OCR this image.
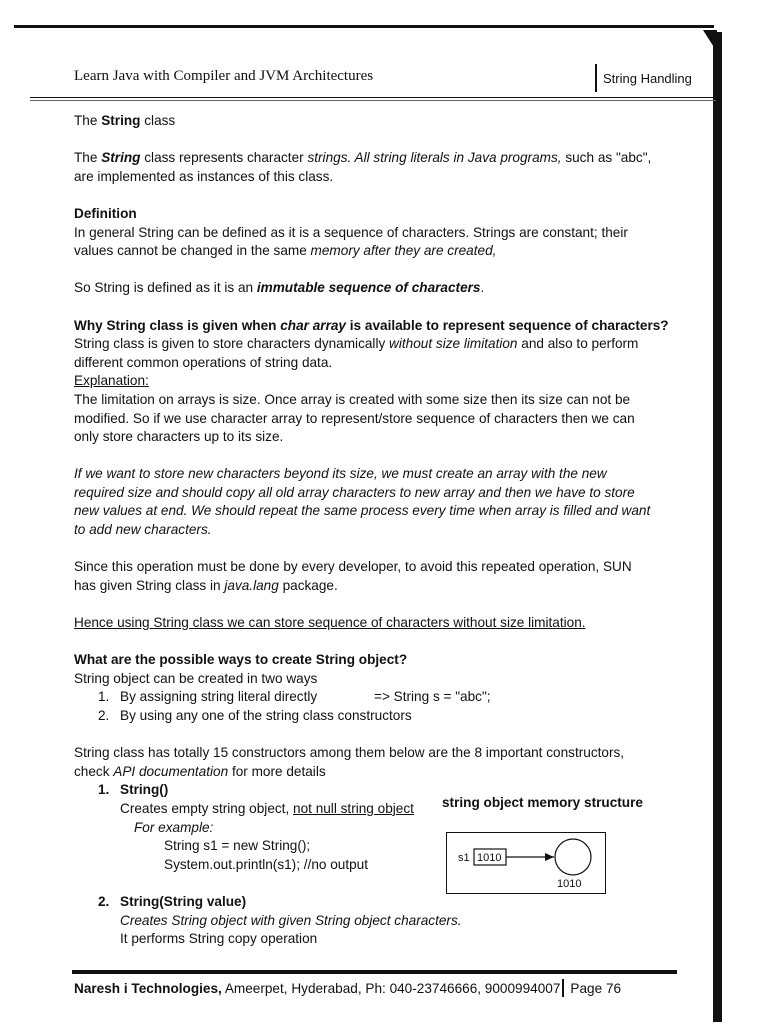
Learn Java with Compiler and JVM Architectures	String Handling

The String class

The String class represents character strings. All string literals in Java programs, such as "abc",
are implemented as instances of this class.

Definition

In general String can be defined as it is a sequence of characters. Strings are constant; their
values cannot be changed in the same memory after they are created,

So String is defined as it is an immutable sequence of characters.

Why String class is given when char array is available to represent sequence of characters?

String class is given to store characters dynamically without size limitation and also to perform
different common operations of string data.

Explanation:

The limitation on arrays is size. Once array is created with some size then its size can not be
modified. So if we use character array to represent/store sequence of characters then we can
only store characters up to its size.

If we want to store new characters beyond its size, we must create an array with the new
required size and should copy all old array characters to new array and then we have to store
new values at end. We should repeat the same process every time when array is filled and want
to add new characters.

Since this operation must be done by every developer, to avoid this repeated operation, SUN
has given String class in java.lang package.

Hence using String class we can store sequence of characters without size limitation.

What are the possible ways to create String object?

String object can be created in two ways

1. By assigning string literal directly	=> String s = "abc";
2. By using any one of the string class constructors

String class has totally 15 constructors among them below are the 8 important constructors,
check API documentation for more details

1. String()

Creates empty string object, not null string object

For example:

String s1 = new String();
System.out.println(s1); //no output

2. String(String value)

Creates String object with given String object characters.
It performs String copy operation

string object memory structure
s1 1010
1010
Naresh i Technologies, Ameerpet, Hyderabad, Ph: 040-23746666, 9000994007 Page 76
